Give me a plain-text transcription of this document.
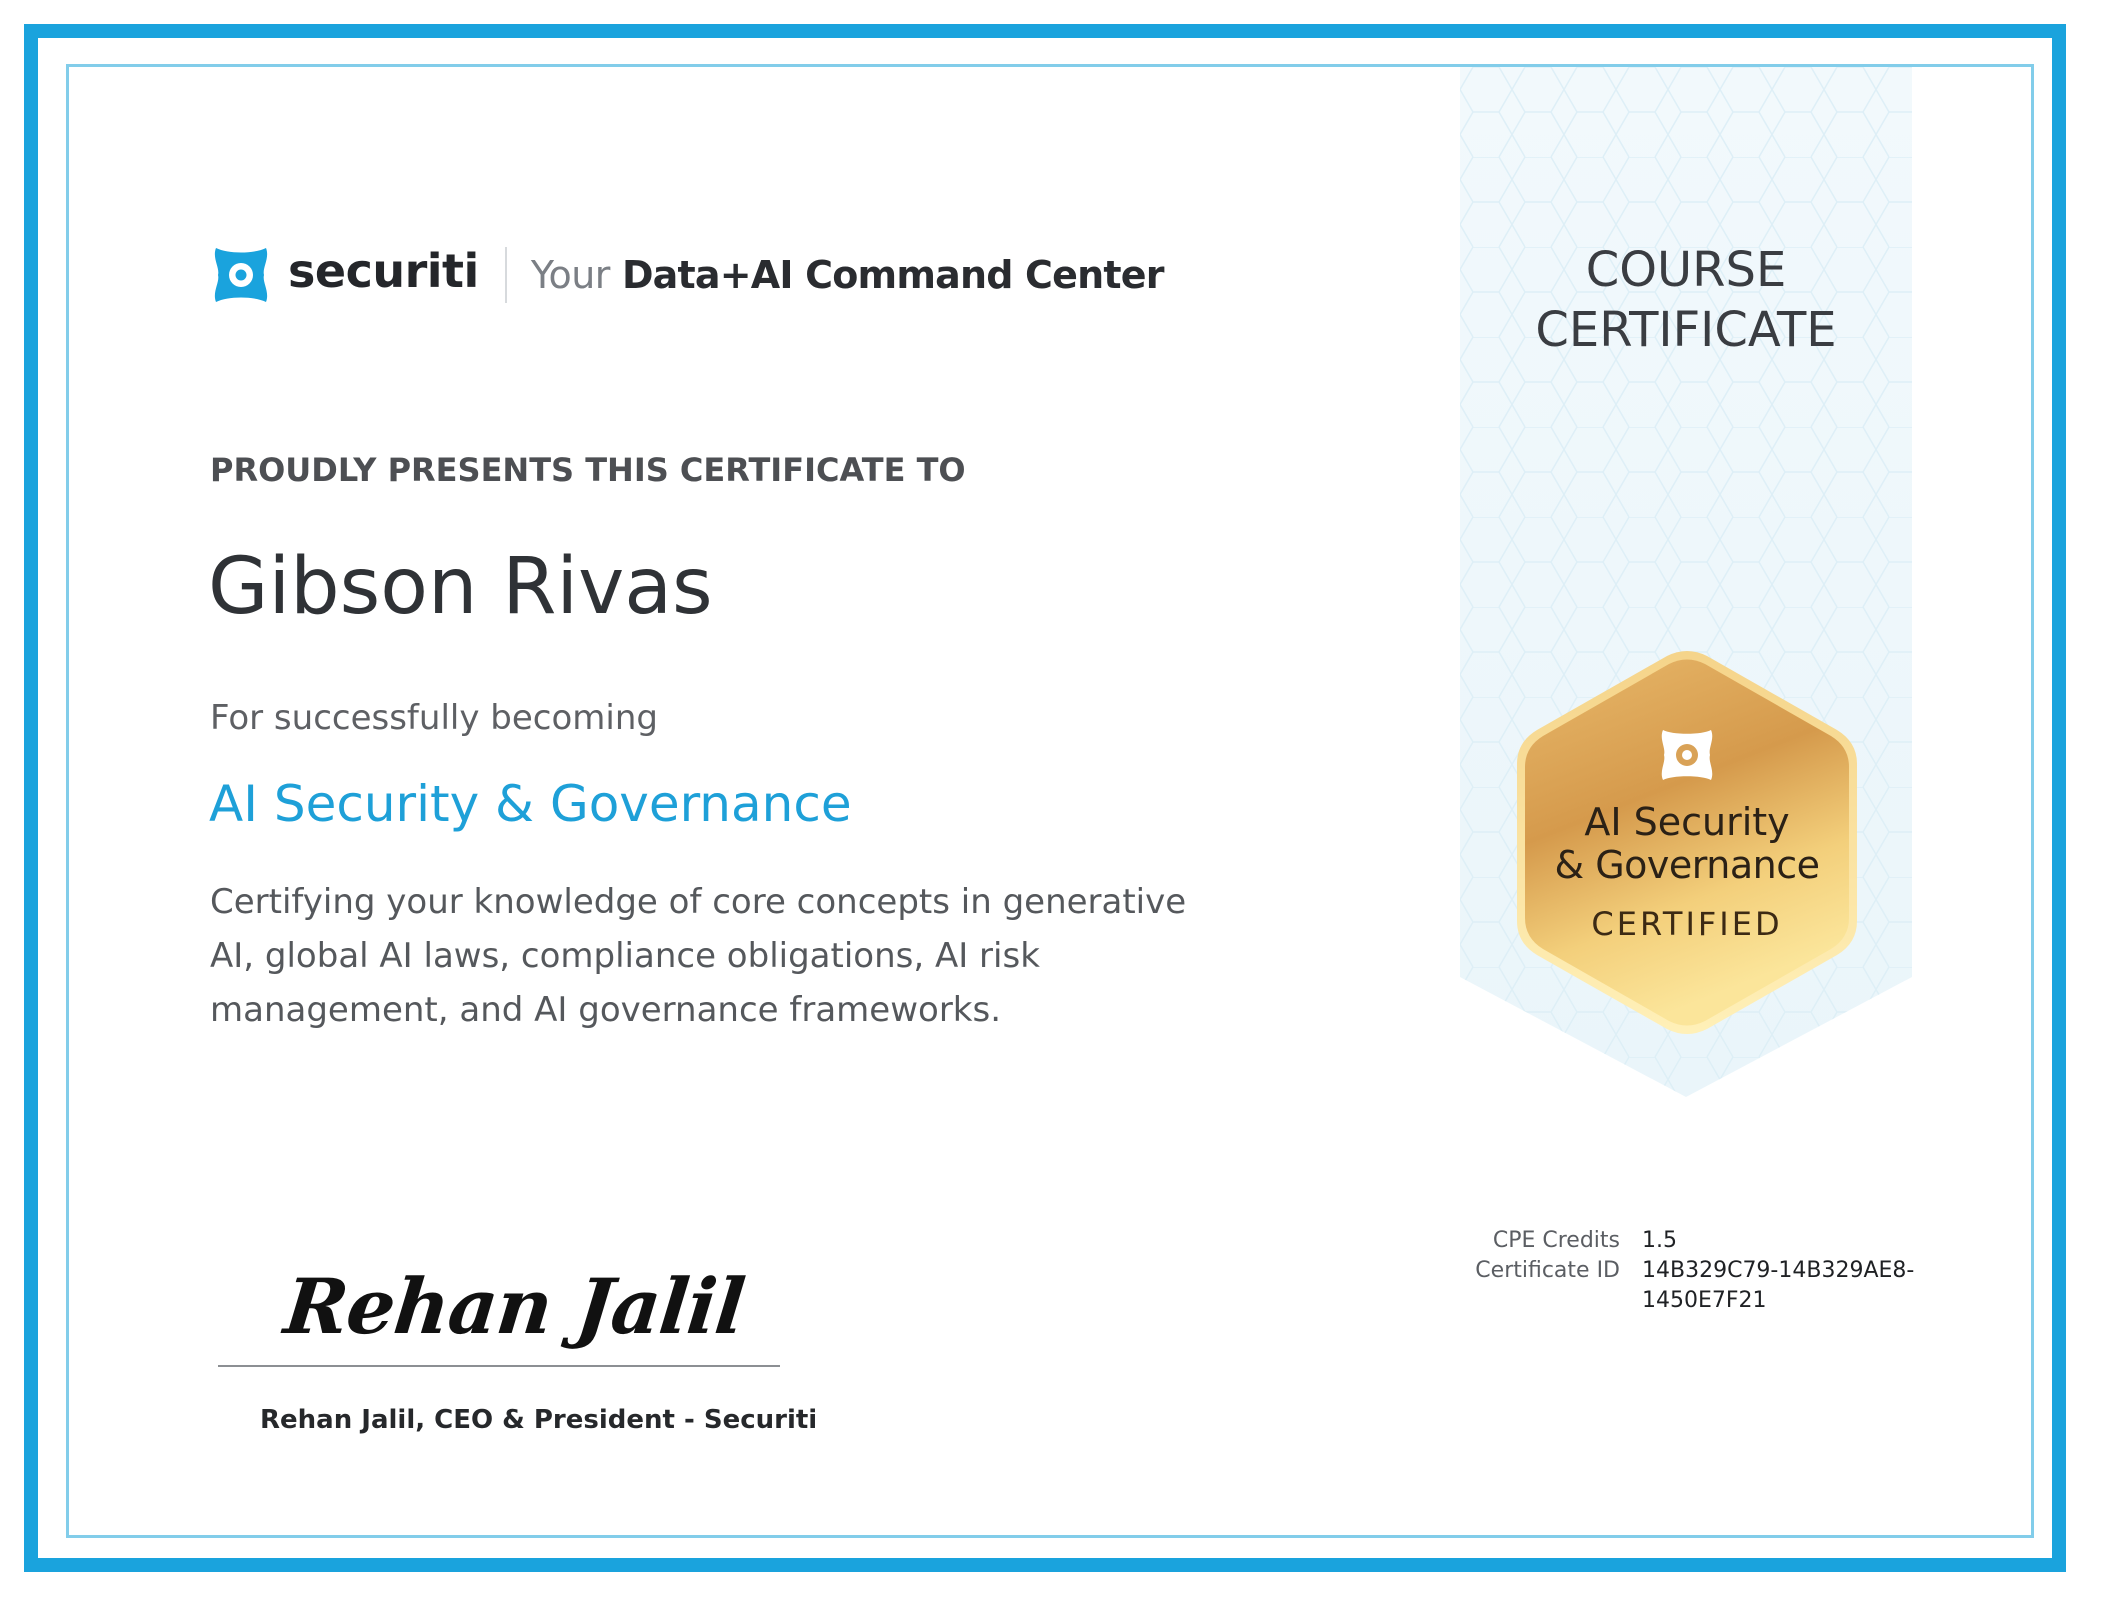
securiti Your Data+AI Command Center
PROUDLY PRESENTS THIS CERTIFICATE TO
Gibson Rivas
For successfully becoming
AI Security & Governance
Certifying your knowledge of core concepts in generative AI, global AI laws, compliance obligations, AI risk management, and AI governance frameworks.
Rehan Jalil
Rehan Jalil, CEO & President - Securiti
COURSE
CERTIFICATE
AI Security
& Governance
CERTIFIED
CPE Credits 1.5
Certificate ID 14B329C79-14B329AE8-1450E7F21
